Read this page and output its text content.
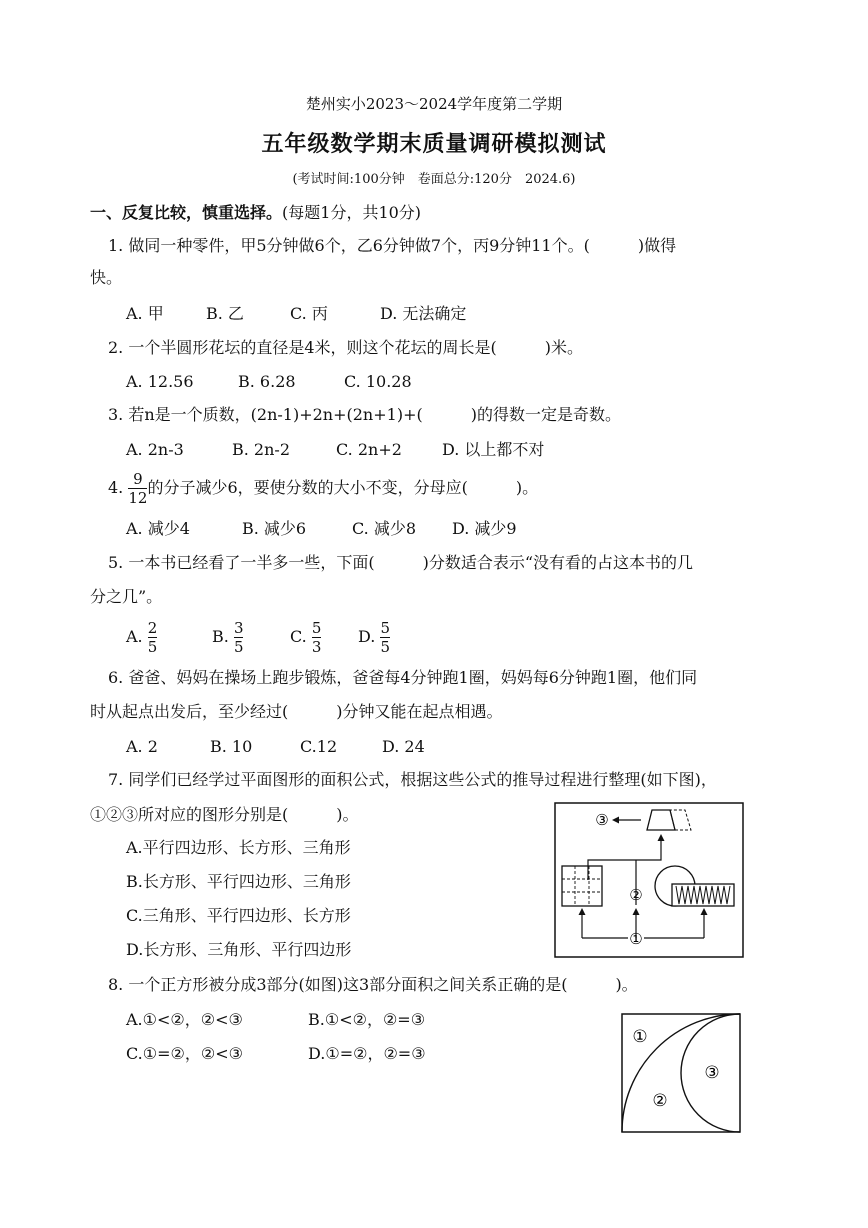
楚州实小2023～2024学年度第二学期
五年级数学期末质量调研模拟测试
(考试时间:100分钟　卷面总分:120分　2024.6)
一、反复比较，慎重选择。(每题1分，共10分)
1. 做同一种零件，甲5分钟做6个，乙6分钟做7个，丙9分钟11个。(　　　)做得
快。
A. 甲	B. 乙	C. 丙	D. 无法确定
2. 一个半圆形花坛的直径是4米，则这个花坛的周长是(　　　)米。
A. 12.56	B. 6.28	C. 10.28
3. 若n是一个质数，(2n-1)+2n+(2n+1)+(　　　)的得数一定是奇数。
A. 2n-3	B. 2n-2	C. 2n+2	D. 以上都不对
4. $\frac{9}{12}$ 的分子减少6，要使分数的大小不变，分母应(　　　)。
A. 减少4	B. 减少6	C. 减少8 D. 减少9
5. 一本书已经看了一半多一些，下面(　　　)分数适合表示“没有看的占这本书的几
分之几”。
A. $\frac{2}{5}$	B. $\frac{3}{5}$	C. $\frac{5}{3} D$. $\frac{5}{5}$
6. 爸爸、妈妈在操场上跑步锻炼，爸爸每4分钟跑1圈，妈妈每6分钟跑1圈，他们同
时从起点出发后，至少经过(　　　)分钟又能在起点相遇。
A. 2	B. 10	C.12	D. 24
7. 同学们已经学过平面图形的面积公式，根据这些公式的推导过程进行整理(如下图)，
①②③所对应的图形分别是(　　　)。
A.平行四边形、长方形、三角形
B.长方形、平行四边形、三角形
C.三角形、平行四边形、长方形
D.长方形、三角形、平行四边形
③
②
①
8. 一个正方形被分成3部分(如图)这3部分面积之间关系正确的是(　　　)。
A.①<②，②<③	B.①<②，②=③
C.①=②，②<③	D.①=②，②=③
①
②
③
